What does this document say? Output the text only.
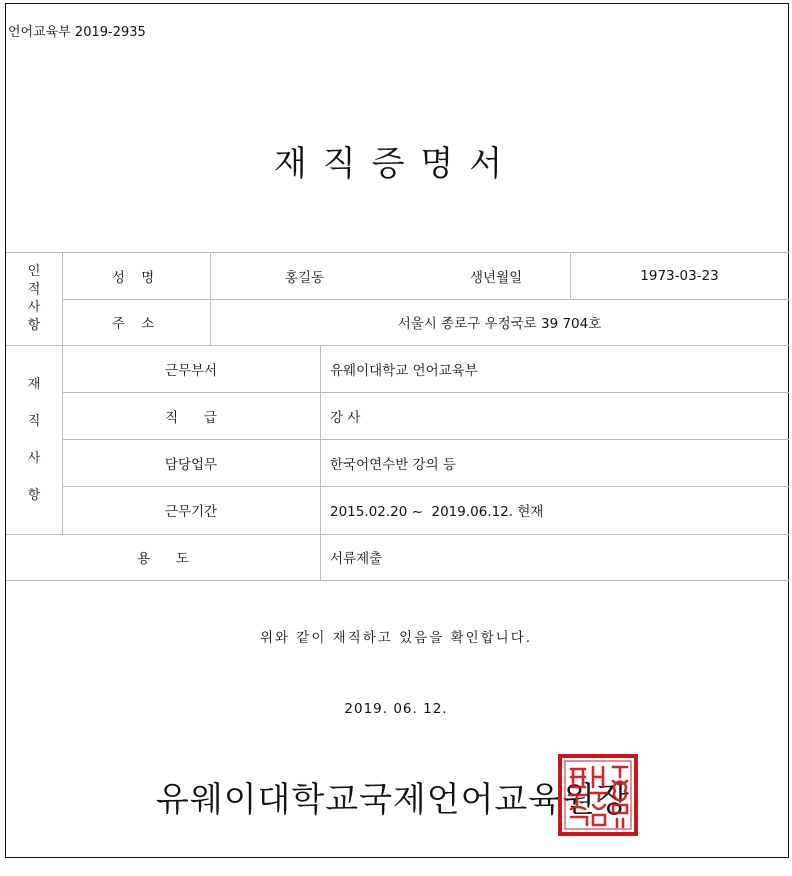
언어교육부 2019-2935
재직증명서
인
적
사
항
성 명	홍길동	생년월일	1973-03-23
주 소	서울시 종로구 우정국로 39 704호
재
직
사
항
근무부서	유웨이대학교 언어교육부
직      급	강 사
담당업무	한국어연수반 강의 등
근무기간	2015.02.20 ~  2019.06.12. 현재
용      도	서류제출
위와 같이 재직하고 있음을 확인합니다.
2019. 06. 12.
유웨이대학교국제언어교육원장
